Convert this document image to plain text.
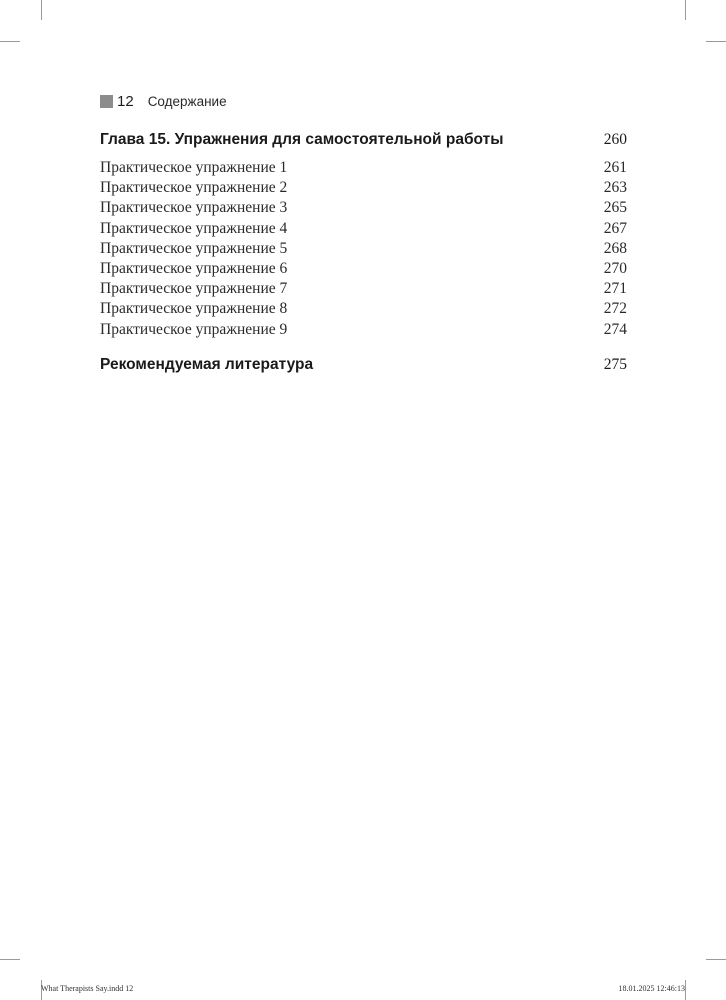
12 Содержание
Глава 15. Упражнения для самостоятельной работы	260
Практическое упражнение 1	261
Практическое упражнение 2	263
Практическое упражнение 3	265
Практическое упражнение 4	267
Практическое упражнение 5	268
Практическое упражнение 6	270
Практическое упражнение 7	271
Практическое упражнение 8	272
Практическое упражнение 9	274
Рекомендуемая литература	275
What Therapists Say.indd 12	18.01.2025 12:46:13
